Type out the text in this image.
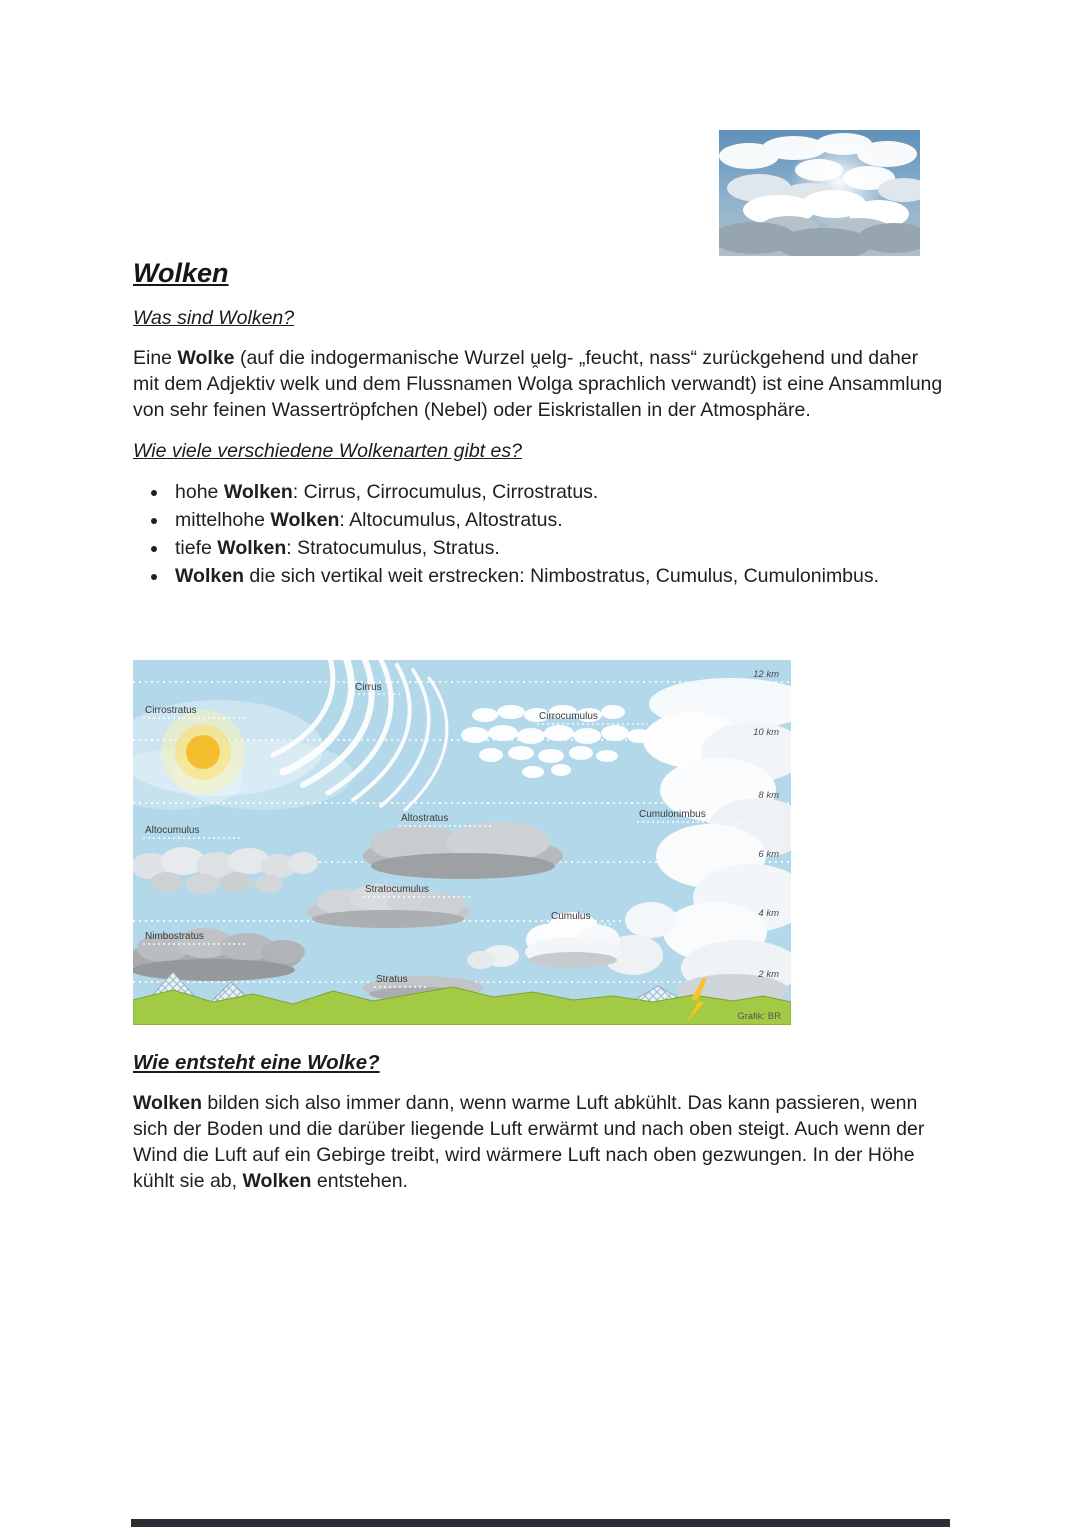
Wolken
Was sind Wolken?

Eine Wolke (auf die indogermanische Wurzel u̯elg- „feucht, nass“ zurückgehend und daher mit dem Adjektiv welk und dem Flussnamen Wolga sprachlich verwandt) ist eine Ansammlung von sehr feinen Wassertröpfchen (Nebel) oder Eiskristallen in der Atmosphäre.

Wie viele verschiedene Wolkenarten gibt es?
• hohe Wolken: Cirrus, Cirrocumulus, Cirrostratus.
• mittelhohe Wolken: Altocumulus, Altostratus.
• tiefe Wolken: Stratocumulus, Stratus.
• Wolken die sich vertikal weit erstrecken: Nimbostratus, Cumulus, Cumulonimbus.
Cirrus
Cirrostratus
Cirrocumulus
Altostratus	Cumulonimbus
Altocumulus
Stratocumulus
Cumulus
Nimbostratus
Stratus
12 km
10 km
8 km
6 km
4 km
2 km
Grafik: BR
Wie entsteht eine Wolke?

Wolken bilden sich also immer dann, wenn warme Luft abkühlt. Das kann passieren, wenn sich der Boden und die darüber liegende Luft erwärmt und nach oben steigt. Auch wenn der Wind die Luft auf ein Gebirge treibt, wird wärmere Luft nach oben gezwungen. In der Höhe kühlt sie ab, Wolken entstehen.
